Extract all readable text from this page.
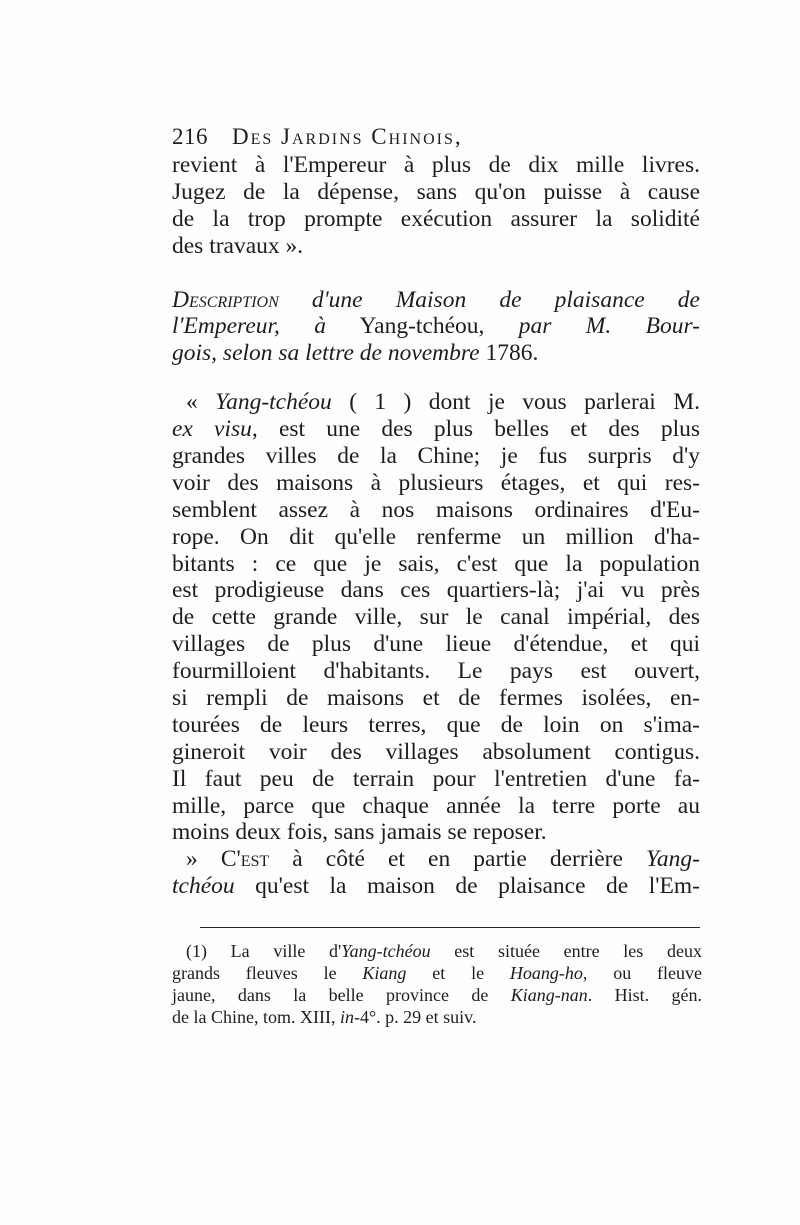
216	Des Jardins Chinois,
revient à l'Empereur à plus de dix mille livres.
Jugez de la dépense, sans qu'on puisse à cause
de la trop prompte exécution assurer la solidité
des travaux ».
Description d'une Maison de plaisance de
l'Empereur, à Yang-tchéou, par M. Bour-
gois, selon sa lettre de novembre 1786.
« Yang-tchéou ( 1 ) dont je vous parlerai M.
ex visu, est une des plus belles et des plus
grandes villes de la Chine; je fus surpris d'y
voir des maisons à plusieurs étages, et qui res-
semblent assez à nos maisons ordinaires d'Eu-
rope. On dit qu'elle renferme un million d'ha-
bitants : ce que je sais, c'est que la population
est prodigieuse dans ces quartiers-là; j'ai vu près
de cette grande ville, sur le canal impérial, des
villages de plus d'une lieue d'étendue, et qui
fourmilloient d'habitants. Le pays est ouvert,
si rempli de maisons et de fermes isolées, en-
tourées de leurs terres, que de loin on s'ima-
gineroit voir des villages absolument contigus.
Il faut peu de terrain pour l'entretien d'une fa-
mille, parce que chaque année la terre porte au
moins deux fois, sans jamais se reposer.
» C'est à côté et en partie derrière Yang-
tchéou qu'est la maison de plaisance de l'Em-
(1) La ville d'Yang-tchéou est située entre les deux
grands fleuves le Kiang et le Hoang-ho, ou fleuve
jaune, dans la belle province de Kiang-nan. Hist. gén.
de la Chine, tom. XIII, in-4°. p. 29 et suiv.
